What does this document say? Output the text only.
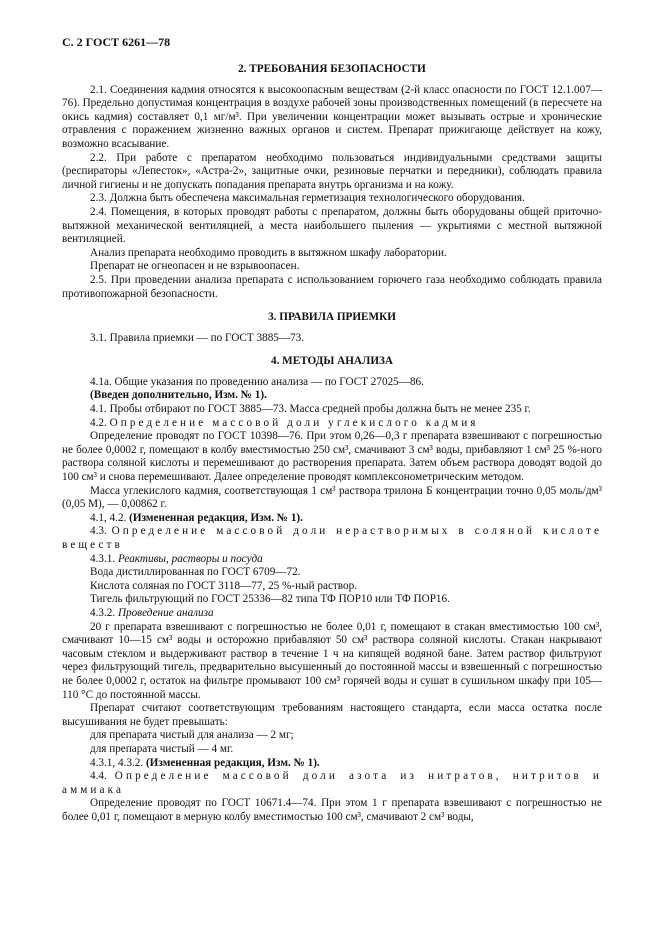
С. 2 ГОСТ 6261—78
2. ТРЕБОВАНИЯ БЕЗОПАСНОСТИ

2.1. Соединения кадмия относятся к высокоопасным веществам (2-й класс опасности по ГОСТ 12.1.007—76). Предельно допустимая концентрация в воздухе рабочей зоны производственных помещений (в пересчете на окись кадмия) составляет 0,1 мг/м³. При увеличении концентрации может вызывать острые и хронические отравления с поражением жизненно важных органов и систем. Препарат прижигающе действует на кожу, возможно всасывание.

2.2. При работе с препаратом необходимо пользоваться индивидуальными средствами защиты (респираторы «Лепесток», «Астра-2», защитные очки, резиновые перчатки и передники), соблюдать правила личной гигиены и не допускать попадания препарата внутрь организма и на кожу.

2.3. Должна быть обеспечена максимальная герметизация технологического оборудования.

2.4. Помещения, в которых проводят работы с препаратом, должны быть оборудованы общей приточно-вытяжной механической вентиляцией, а места наибольшего пыления — укрытиями с местной вытяжной вентиляцией.

Анализ препарата необходимо проводить в вытяжном шкафу лаборатории.

Препарат не огнеопасен и не взрывоопасен.

2.5. При проведении анализа препарата с использованием горючего газа необходимо соблюдать правила противопожарной безопасности.

3. ПРАВИЛА ПРИЕМКИ

3.1. Правила приемки — по ГОСТ 3885—73.

4. МЕТОДЫ АНАЛИЗА

4.1а. Общие указания по проведению анализа — по ГОСТ 27025—86.

(Введен дополнительно, Изм. № 1).

4.1. Пробы отбирают по ГОСТ 3885—73. Масса средней пробы должна быть не менее 235 г.

4.2. Определение массовой доли углекислого кадмия

Определение проводят по ГОСТ 10398—76. При этом 0,26—0,3 г препарата взвешивают с погрешностью не более 0,0002 г, помещают в колбу вместимостью 250 см³, смачивают 3 см³ воды, прибавляют 1 см³ 25 %-ного раствора соляной кислоты и перемешивают до растворения препарата. Затем объем раствора доводят водой до 100 см³ и снова перемешивают. Далее определение проводят комплексонометрическим методом.

Масса углекислого кадмия, соответствующая 1 см³ раствора трилона Б концентрации точно 0,05 моль/дм³ (0,05 М), — 0,00862 г.

4.1, 4.2. (Измененная редакция, Изм. № 1).

4.3. Определение массовой доли нерастворимых в соляной кислоте веществ

4.3.1. Реактивы, растворы и посуда

Вода дистиллированная по ГОСТ 6709—72.

Кислота соляная по ГОСТ 3118—77, 25 %-ный раствор.

Тигель фильтрующий по ГОСТ 25336—82 типа ТФ ПОР10 или ТФ ПОР16.

4.3.2. Проведение анализа

20 г препарата взвешивают с погрешностью не более 0,01 г, помещают в стакан вместимостью 100 см³, смачивают 10—15 см³ воды и осторожно прибавляют 50 см³ раствора соляной кислоты. Стакан накрывают часовым стеклом и выдерживают раствор в течение 1 ч на кипящей водяной бане. Затем раствор фильтруют через фильтрующий тигель, предварительно высушенный до постоянной массы и взвешенный с погрешностью не более 0,0002 г, остаток на фильтре промывают 100 см³ горячей воды и сушат в сушильном шкафу при 105—110 °С до постоянной массы.

Препарат считают соответствующим требованиям настоящего стандарта, если масса остатка после высушивания не будет превышать:

для препарата чистый для анализа — 2 мг;

для препарата чистый — 4 мг.

4.3.1, 4.3.2. (Измененная редакция, Изм. № 1).

4.4. Определение массовой доли азота из нитратов, нитритов и аммиака

Определение проводят по ГОСТ 10671.4—74. При этом 1 г препарата взвешивают с погрешностью не более 0,01 г, помещают в мерную колбу вместимостью 100 см³, смачивают 2 см³ воды,
